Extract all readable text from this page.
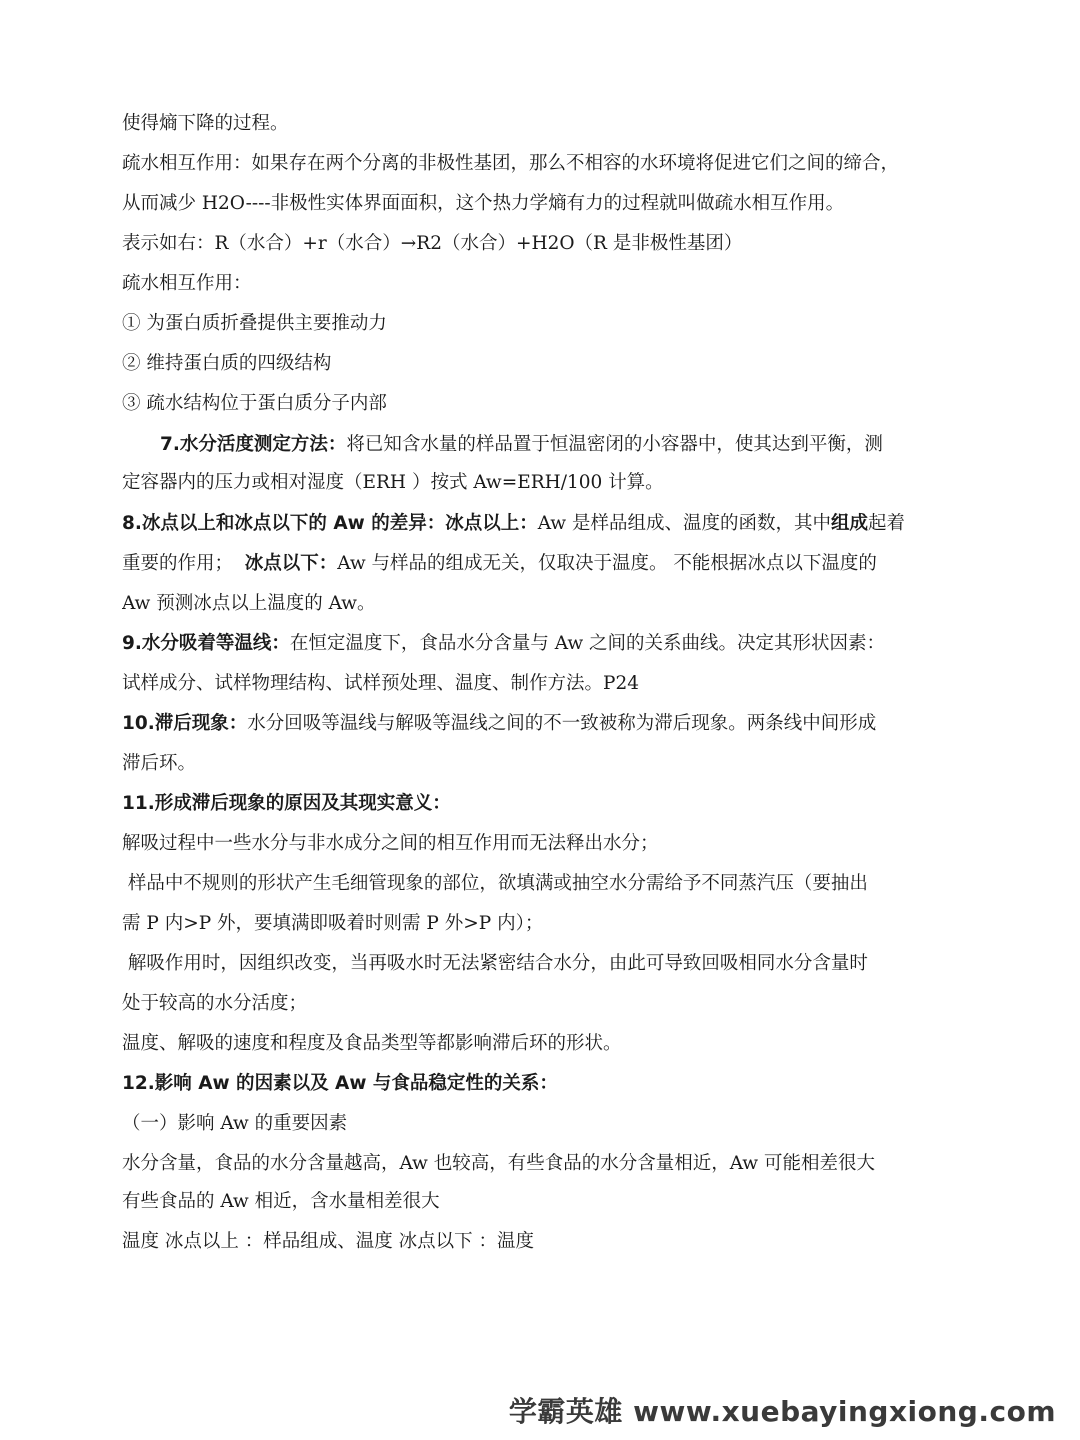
使得熵下降的过程。
疏水相互作用：如果存在两个分离的非极性基团，那么不相容的水环境将促进它们之间的缔合，
从而减少 H2O----非极性实体界面面积，这个热力学熵有力的过程就叫做疏水相互作用。
表示如右：R（水合）+r（水合）→R2（水合）+H2O（R 是非极性基团）
疏水相互作用：
① 为蛋白质折叠提供主要推动力
② 维持蛋白质的四级结构
③ 疏水结构位于蛋白质分子内部
7.水分活度测定方法：将已知含水量的样品置于恒温密闭的小容器中，使其达到平衡，测
定容器内的压力或相对湿度（ERH ）按式 Aw=ERH/100 计算。
8.冰点以上和冰点以下的 Aw 的差异：冰点以上：Aw 是样品组成、温度的函数，其中组成起着
重要的作用； 冰点以下：Aw 与样品的组成无关，仅取决于温度。 不能根据冰点以下温度的
Aw 预测冰点以上温度的 Aw。
9.水分吸着等温线：在恒定温度下，食品水分含量与 Aw 之间的关系曲线。决定其形状因素：
试样成分、试样物理结构、试样预处理、温度、制作方法。P24
10.滞后现象：水分回吸等温线与解吸等温线之间的不一致被称为滞后现象。两条线中间形成
滞后环。
11.形成滞后现象的原因及其现实意义：
解吸过程中一些水分与非水成分之间的相互作用而无法释出水分；
样品中不规则的形状产生毛细管现象的部位，欲填满或抽空水分需给予不同蒸汽压（要抽出
需 P 内>P 外，要填满即吸着时则需 P 外>P 内）；
解吸作用时，因组织改变，当再吸水时无法紧密结合水分，由此可导致回吸相同水分含量时
处于较高的水分活度；
温度、解吸的速度和程度及食品类型等都影响滞后环的形状。
12.影响 Aw 的因素以及 Aw 与食品稳定性的关系：
（一）影响 Aw 的重要因素
水分含量，食品的水分含量越高，Aw 也较高，有些食品的水分含量相近，Aw 可能相差很大
有些食品的 Aw 相近，含水量相差很大
温度 冰点以上 ：样品组成、温度 冰点以下 ：温度
学霸英雄 www.xuebayingxiong.com
